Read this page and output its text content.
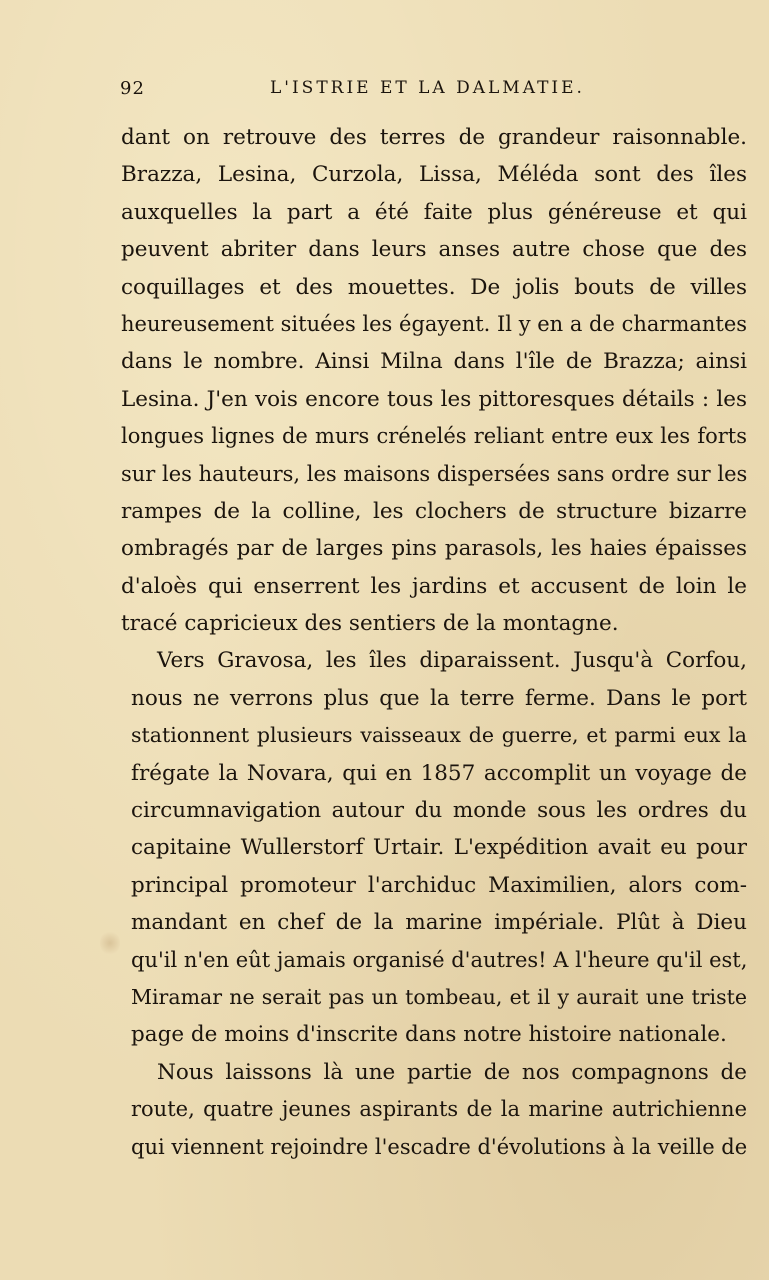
92	L'ISTRIE ET LA DALMATIE.
dant on retrouve des terres de grandeur raisonnable.
Brazza, Lesina, Curzola, Lissa, Méléda sont des îles
auxquelles la part a été faite plus généreuse et qui
peuvent abriter dans leurs anses autre chose que des
coquillages et des mouettes. De jolis bouts de villes
heureusement situées les égayent. Il y en a de charmantes
dans le nombre. Ainsi Milna dans l'île de Brazza; ainsi
Lesina. J'en vois encore tous les pittoresques détails : les
longues lignes de murs crénelés reliant entre eux les forts
sur les hauteurs, les maisons dispersées sans ordre sur les
rampes de la colline, les clochers de structure bizarre
ombragés par de larges pins parasols, les haies épaisses
d'aloès qui enserrent les jardins et accusent de loin le
tracé capricieux des sentiers de la montagne.
Vers Gravosa, les îles diparaissent. Jusqu'à Corfou,
nous ne verrons plus que la terre ferme. Dans le port
stationnent plusieurs vaisseaux de guerre, et parmi eux la
frégate la Novara, qui en 1857 accomplit un voyage de
circumnavigation autour du monde sous les ordres du
capitaine Wullerstorf Urtair. L'expédition avait eu pour
principal promoteur l'archiduc Maximilien, alors com-
mandant en chef de la marine impériale. Plût à Dieu
qu'il n'en eût jamais organisé d'autres! A l'heure qu'il est,
Miramar ne serait pas un tombeau, et il y aurait une triste
page de moins d'inscrite dans notre histoire nationale.
Nous laissons là une partie de nos compagnons de
route, quatre jeunes aspirants de la marine autrichienne
qui viennent rejoindre l'escadre d'évolutions à la veille de
